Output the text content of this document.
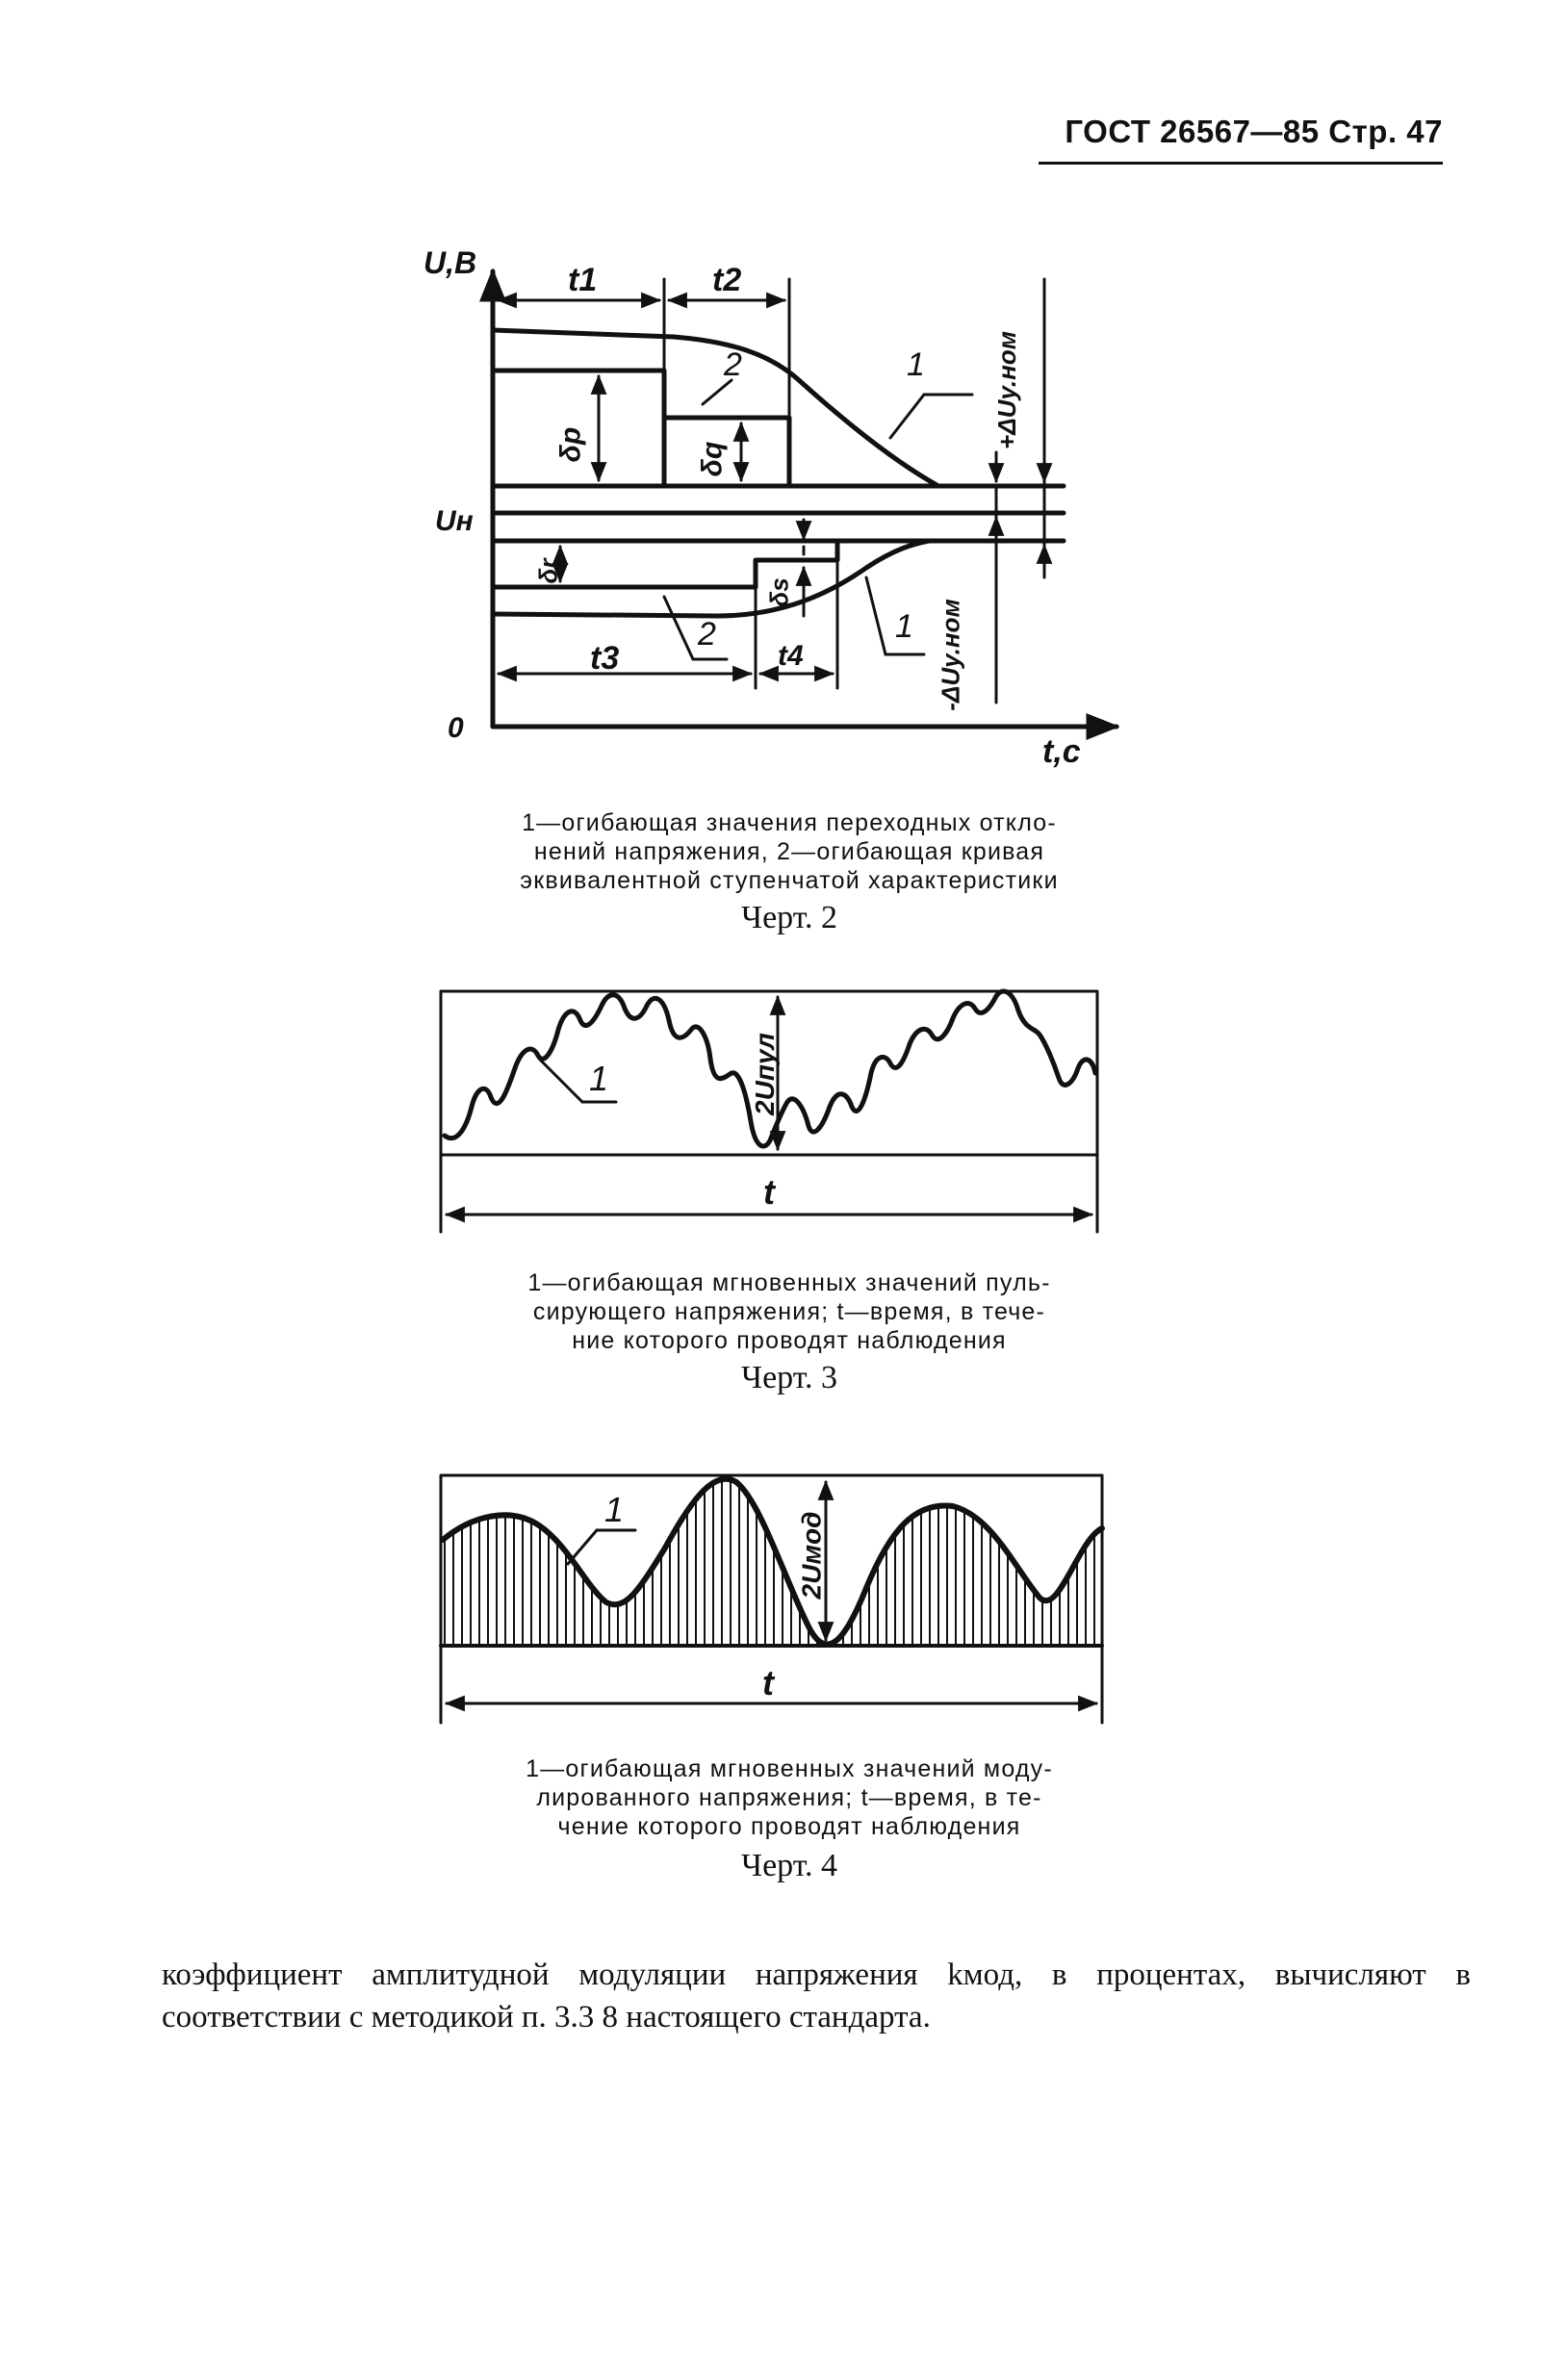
ГОСТ 26567—85 Стр. 47
U,B
t,c
0
Uн
t1	t2
t3	t4
δр	δq
δr
δs
+ΔUу.ном
-ΔUу.ном
1
2
1
2
1—огибающая значения переходных откло-
нений напряжения, 2—огибающая кривая
эквивалентной ступенчатой характеристики
Черт. 2
1	2Uпул
t
1—огибающая мгновенных значений пуль-
сирующего напряжения; t—время, в тече-
ние которого проводят наблюдения
Черт. 3
1
2Uмод
t
1—огибающая мгновенных значений моду-
лированного напряжения; t—время, в те-
чение которого проводят наблюдения
Черт. 4
коэффициент амплитудной модуляции напряжения kмод, в процентах, вычисляют в соответствии с методикой п. 3.3 8 настоящего стандарта.
